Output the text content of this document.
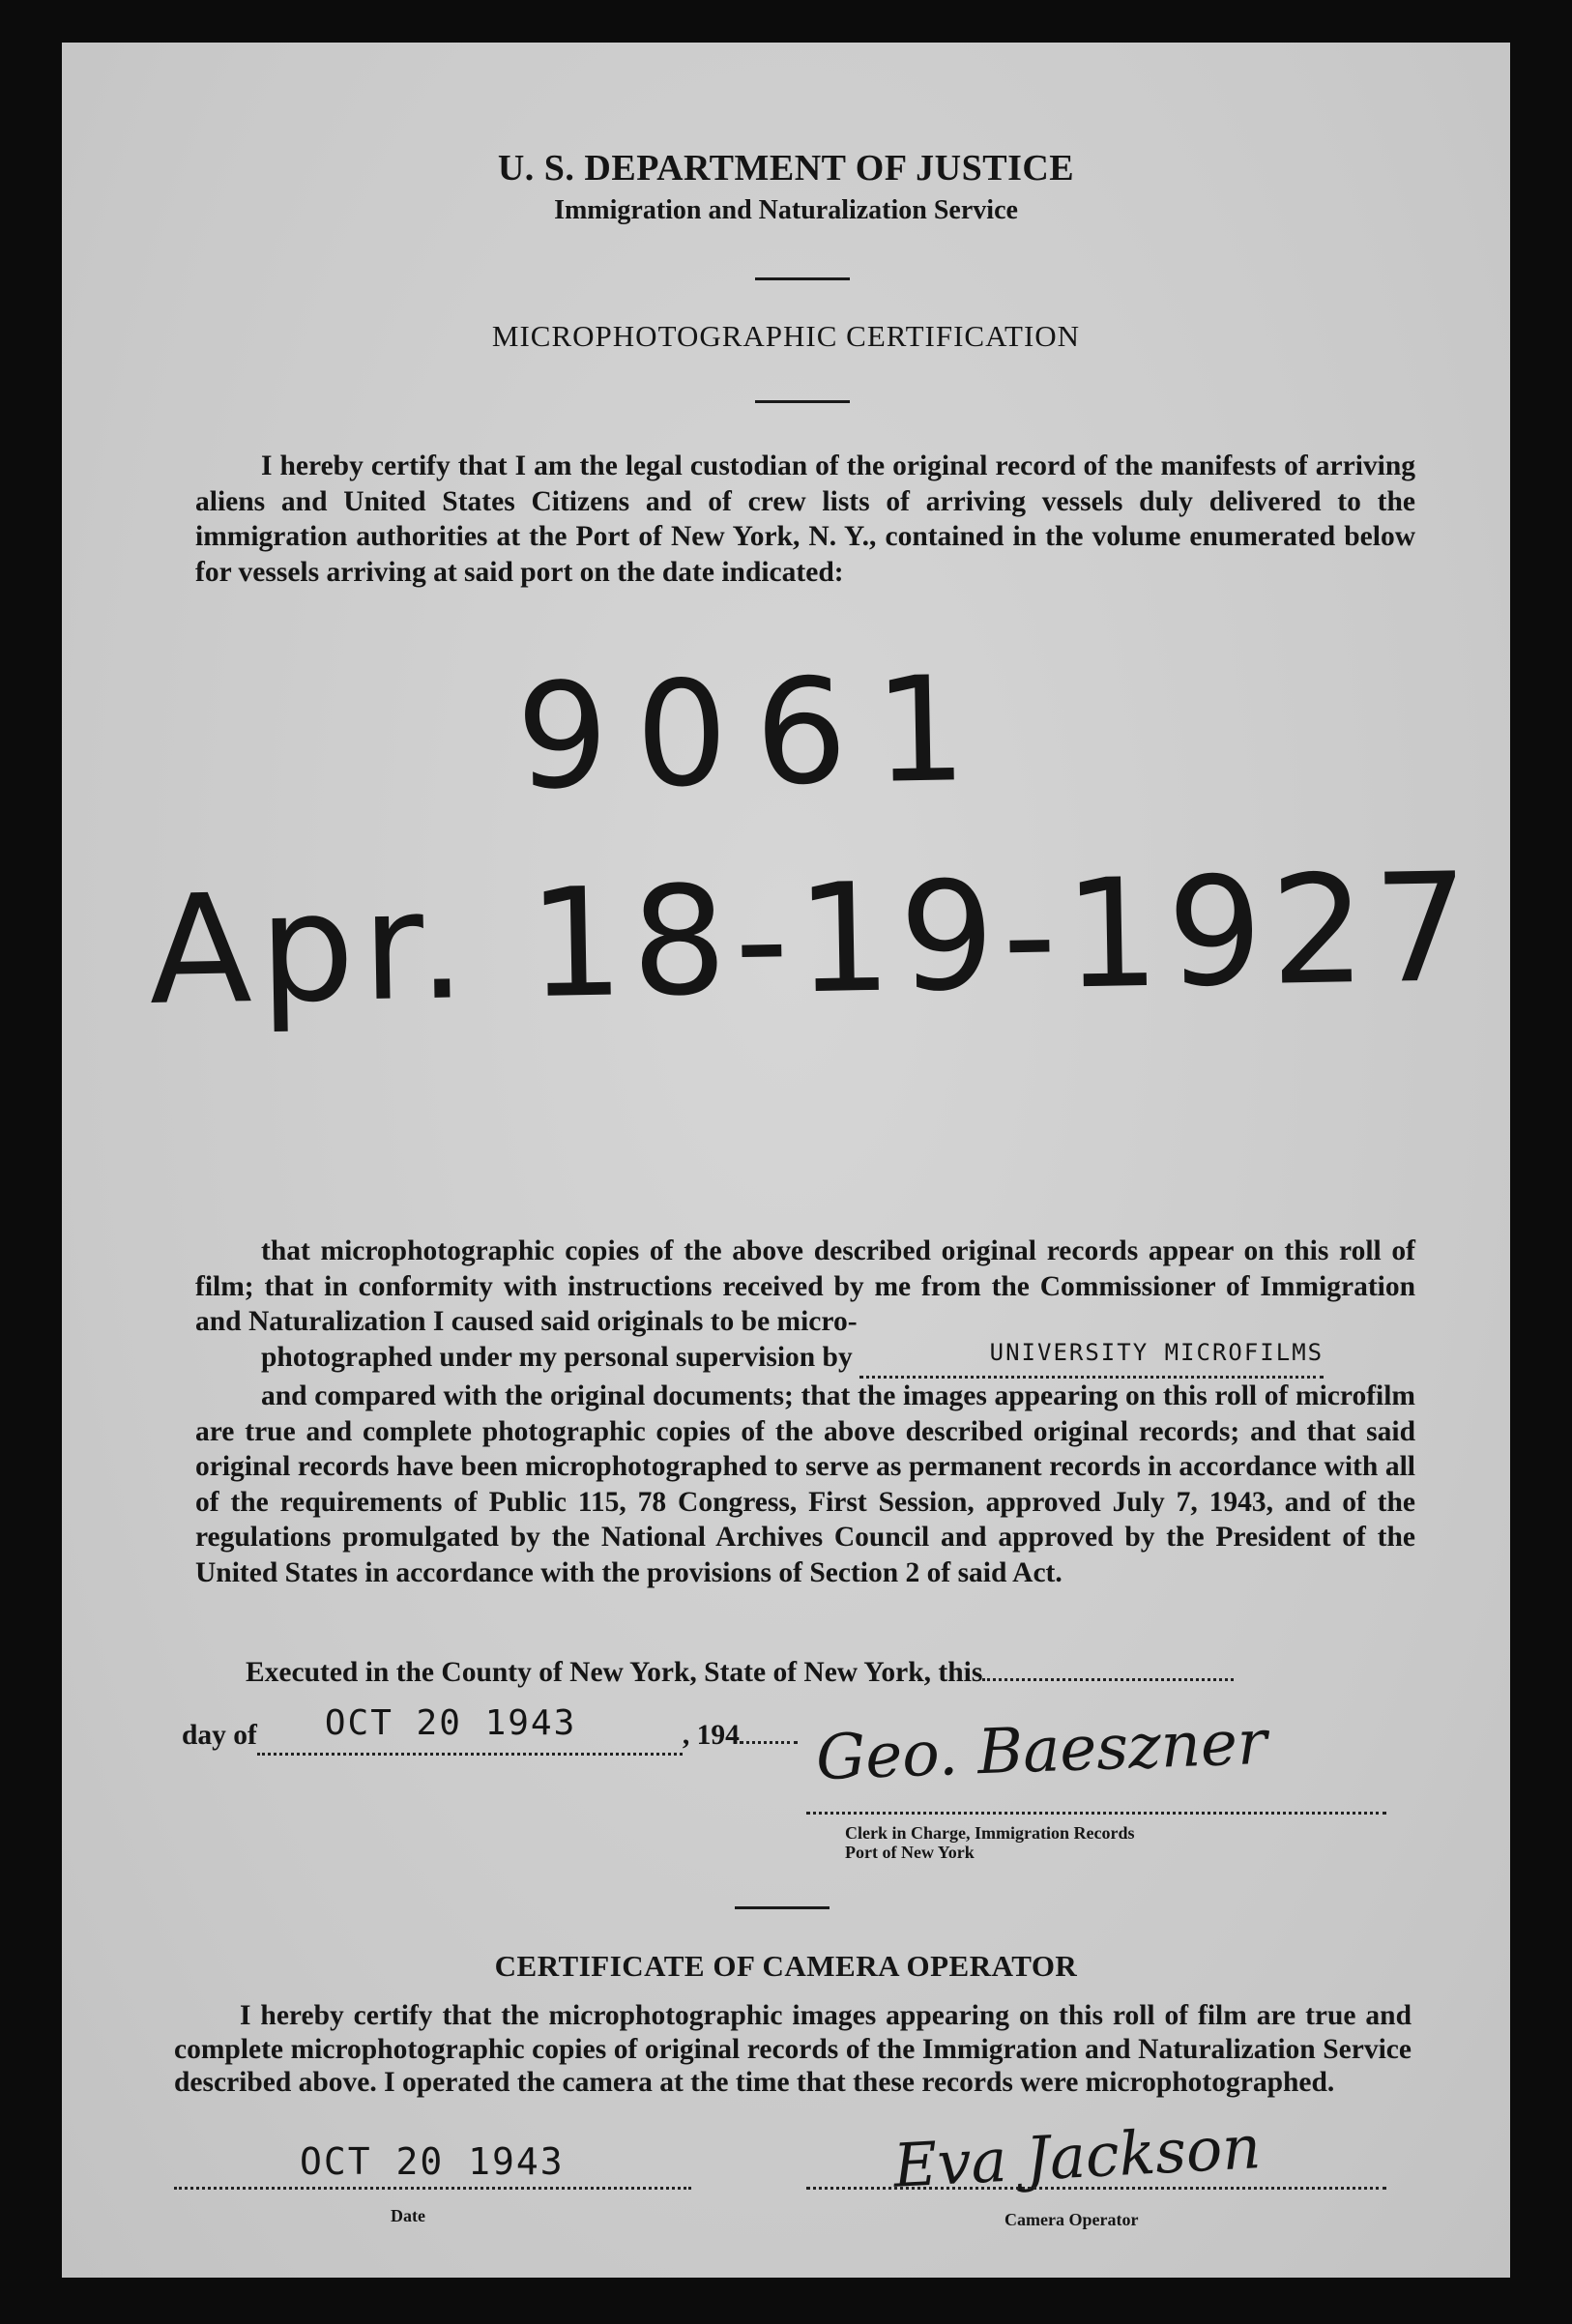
U. S. DEPARTMENT OF JUSTICE
Immigration and Naturalization Service
MICROPHOTOGRAPHIC CERTIFICATION

I hereby certify that I am the legal custodian of the original record of the manifests of arriving aliens and United States Citizens and of crew lists of arriving vessels duly delivered to the immigration authorities at the Port of New York, N. Y., contained in the volume enumerated below for vessels arriving at said port on the date indicated:

9061
Apr. 18-19-1927

that microphotographic copies of the above described original records appear on this roll of film; that in conformity with instructions received by me from the Commissioner of Immigration and Naturalization I caused said originals to be micro-

photographed under my personal supervision by	$^{UNIVERSITY MICROFILMS}$

and compared with the original documents; that the images appearing on this roll of microfilm are true and complete photographic copies of the above described original records; and that said original records have been microphotographed to serve as permanent records in accordance with all of the requirements of Public 115, 78 Congress, First Session, approved July 7, 1943, and of the regulations promulgated by the National Archives Council and approved by the President of the United States in accordance with the provisions of Section 2 of said Act.

Executed in the County of New York, State of New York, this
day of OCT 20 1943	, 194	Geo. Baeszner
Clerk in Charge, Immigration Records
Port of New York
CERTIFICATE OF CAMERA OPERATOR

I hereby certify that the microphotographic images appearing on this roll of film are true and complete microphotographic copies of original records of the Immigration and Naturalization Service described above. I operated the camera at the time that these records were microphotographed.

OCT 20 1943
Date
Eva Jackson
Camera Operator
